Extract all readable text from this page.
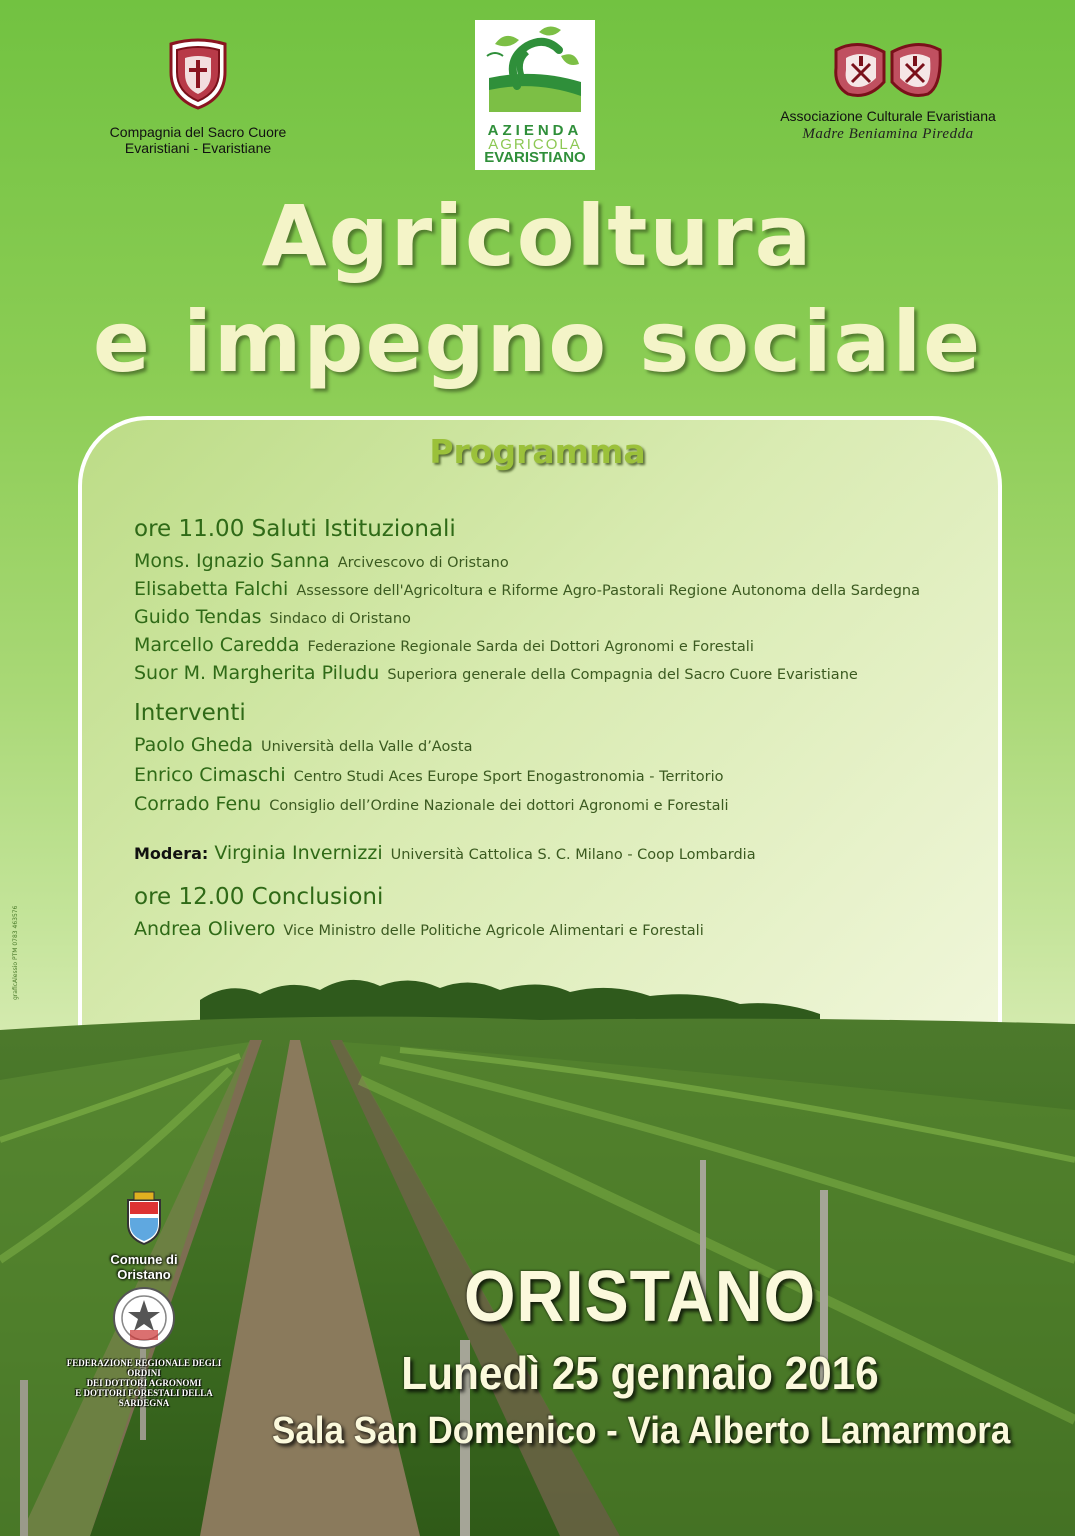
Compagnia del Sacro Cuore
Evaristiani - Evaristiane
AZIENDA
AGRICOLA
EVARISTIANO
Associazione Culturale Evaristiana
Madre Beniamina Piredda
Agricoltura
e impegno sociale
Programma
ore 11.00 Saluti Istituzionali
Mons. Ignazio Sanna Arcivescovo di Oristano
Elisabetta Falchi Assessore dell'Agricoltura e Riforme Agro-Pastorali Regione Autonoma della Sardegna
Guido Tendas Sindaco di Oristano
Marcello Caredda Federazione Regionale Sarda dei Dottori Agronomi e Forestali
Suor M. Margherita Piludu Superiora generale della Compagnia del Sacro Cuore Evaristiane
Interventi
Paolo Gheda Università della Valle d’Aosta
Enrico Cimaschi Centro Studi Aces Europe Sport Enogastronomia - Territorio
Corrado Fenu Consiglio dell’Ordine Nazionale dei dottori Agronomi e Forestali
Modera: Virginia Invernizzi Università Cattolica S. C. Milano - Coop Lombardia
ore 12.00 Conclusioni
Andrea Olivero Vice Ministro delle Politiche Agricole Alimentari e Forestali
Comune di Oristano
FEDERAZIONE REGIONALE DEGLI ORDINI
DEI DOTTORI AGRONOMI
E DOTTORI FORESTALI DELLA SARDEGNA
ORISTANO
Lunedì 25 gennaio 2016
Sala San Domenico - Via Alberto Lamarmora
graficAlessio PTM 0783 463576
